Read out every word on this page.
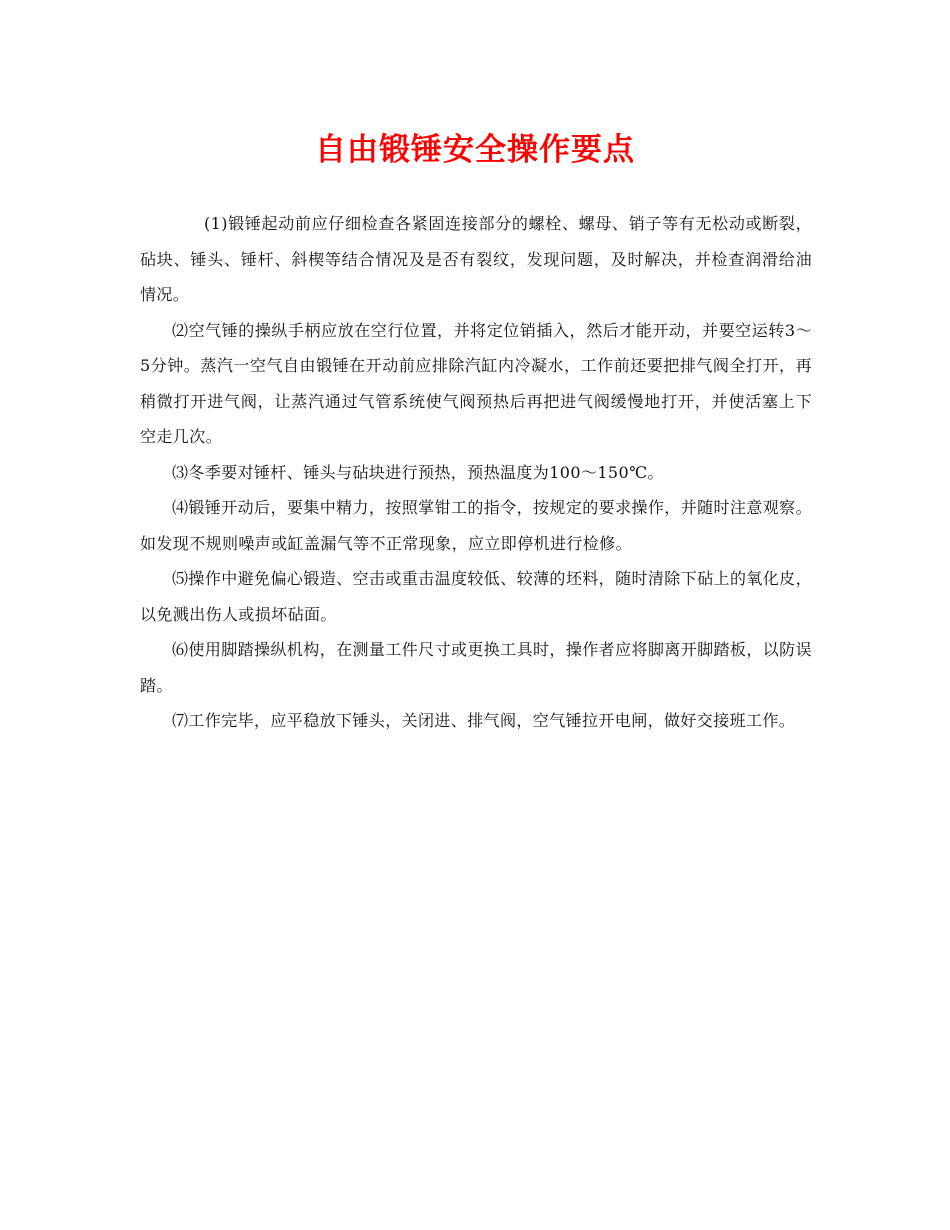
自由锻锤安全操作要点

(1)锻锤起动前应仔细检查各紧固连接部分的螺栓、螺母、销子等有无松动或断裂，砧块、锤头、锤杆、斜楔等结合情况及是否有裂纹，发现问题，及时解决，并检查润滑给油情况。

⑵空气锤的操纵手柄应放在空行位置，并将定位销插入，然后才能开动，并要空运转3～5分钟。蒸汽一空气自由锻锤在开动前应排除汽缸内冷凝水，工作前还要把排气阀全打开，再稍微打开进气阀，让蒸汽通过气管系统使气阀预热后再把进气阀缓慢地打开，并使活塞上下空走几次。

⑶冬季要对锤杆、锤头与砧块进行预热，预热温度为100～150℃。

⑷锻锤开动后，要集中精力，按照掌钳工的指令，按规定的要求操作，并随时注意观察。如发现不规则噪声或缸盖漏气等不正常现象，应立即停机进行检修。

⑸操作中避免偏心锻造、空击或重击温度较低、较薄的坯料，随时清除下砧上的氧化皮，以免溅出伤人或损坏砧面。

⑹使用脚踏操纵机构，在测量工件尺寸或更换工具时，操作者应将脚离开脚踏板，以防误踏。

⑺工作完毕，应平稳放下锤头，关闭进、排气阀，空气锤拉开电闸，做好交接班工作。
